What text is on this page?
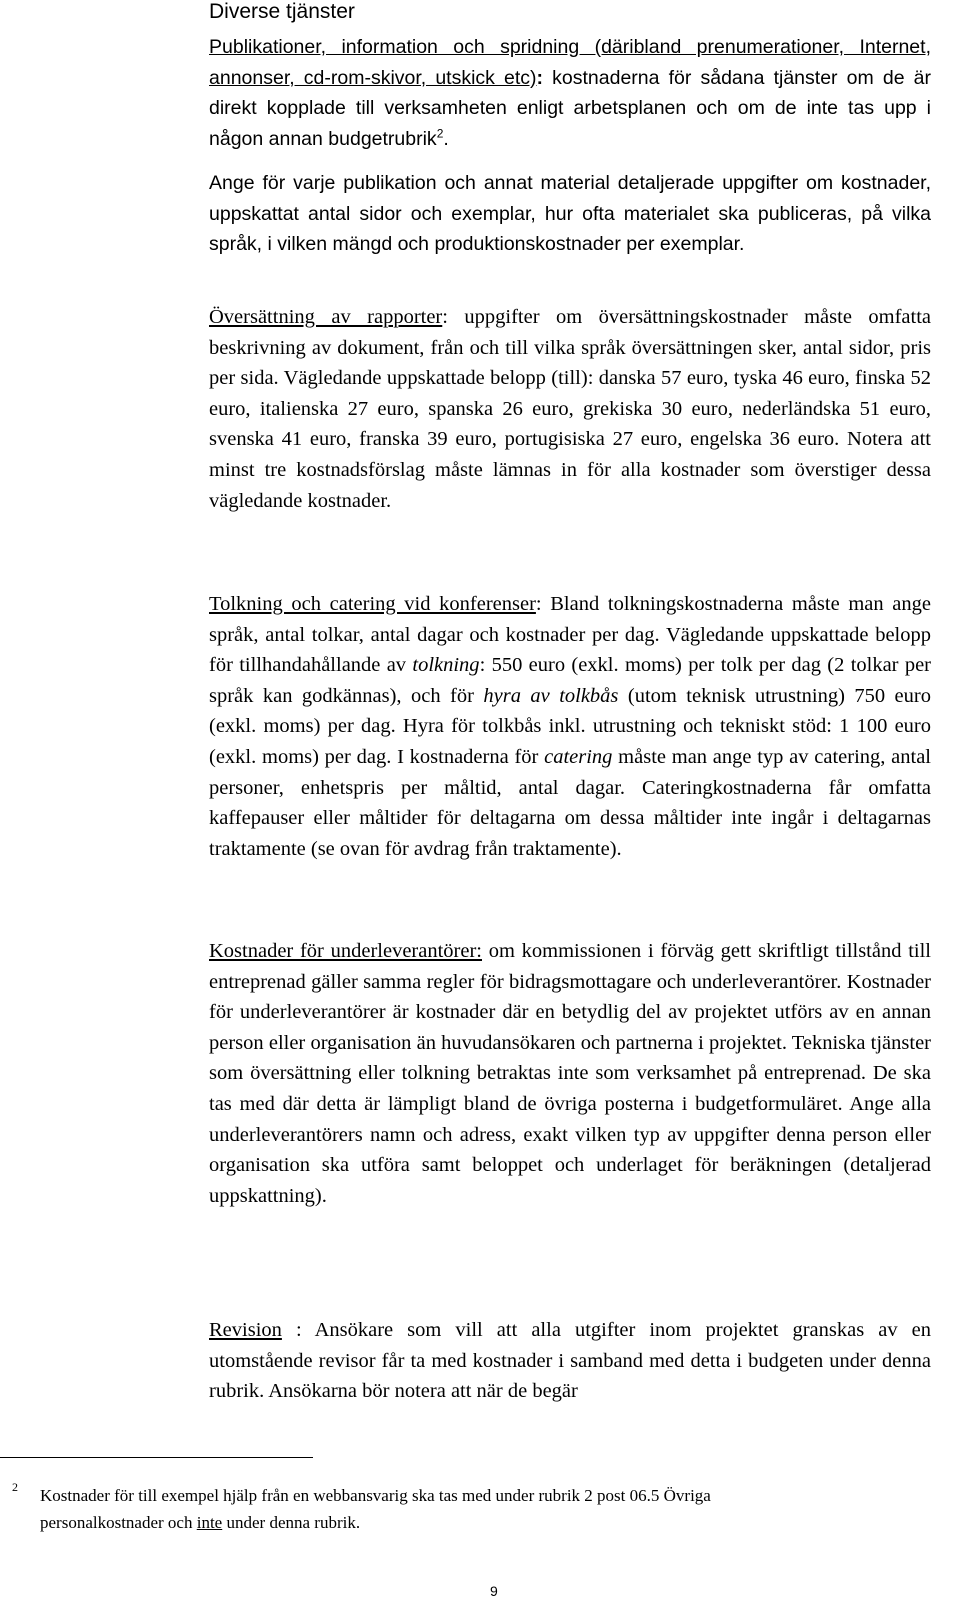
Diverse tjänster

Publikationer, information och spridning (däribland prenumerationer, Internet, annonser, cd-rom-skivor, utskick etc): kostnaderna för sådana tjänster om de är direkt kopplade till verksamheten enligt arbetsplanen och om de inte tas upp i någon annan budgetrubrik$^2$.

Ange för varje publikation och annat material detaljerade uppgifter om kostnader, uppskattat antal sidor och exemplar, hur ofta materialet ska publiceras, på vilka språk, i vilken mängd och produktionskostnader per exemplar.

Översättning av rapporter: uppgifter om översättningskostnader måste omfatta beskrivning av dokument, från och till vilka språk översättningen sker, antal sidor, pris per sida. Vägledande uppskattade belopp (till): danska 57 euro, tyska 46 euro, finska 52 euro, italienska 27 euro, spanska 26 euro, grekiska 30 euro, nederländska 51 euro, svenska 41 euro, franska 39 euro, portugisiska 27 euro, engelska 36 euro. Notera att minst tre kostnadsförslag måste lämnas in för alla kostnader som överstiger dessa vägledande kostnader.

Tolkning och catering vid konferenser: Bland tolkningskostnaderna måste man ange språk, antal tolkar, antal dagar och kostnader per dag. Vägledande uppskattade belopp för tillhandahållande av tolkning: 550 euro (exkl. moms) per tolk per dag (2 tolkar per språk kan godkännas), och för hyra av tolkbås (utom teknisk utrustning) 750 euro (exkl. moms) per dag. Hyra för tolkbås inkl. utrustning och tekniskt stöd: 1 100 euro (exkl. moms) per dag. I kostnaderna för catering måste man ange typ av catering, antal personer, enhetspris per måltid, antal dagar. Cateringkostnaderna får omfatta kaffepauser eller måltider för deltagarna om dessa måltider inte ingår i deltagarnas traktamente (se ovan för avdrag från traktamente).

Kostnader för underleverantörer: om kommissionen i förväg gett skriftligt tillstånd till entreprenad gäller samma regler för bidragsmottagare och underleverantörer. Kostnader för underleverantörer är kostnader där en betydlig del av projektet utförs av en annan person eller organisation än huvudansökaren och partnerna i projektet. Tekniska tjänster som översättning eller tolkning betraktas inte som verksamhet på entreprenad. De ska tas med där detta är lämpligt bland de övriga posterna i budgetformuläret. Ange alla underleverantörers namn och adress, exakt vilken typ av uppgifter denna person eller organisation ska utföra samt beloppet och underlaget för beräkningen (detaljerad uppskattning).

Revision : Ansökare som vill att alla utgifter inom projektet granskas av en utomstående revisor får ta med kostnader i samband med detta i budgeten under denna rubrik. Ansökarna bör notera att när de begär

2	Kostnader för till exempel hjälp från en webbansvarig ska tas med under rubrik 2 post 06.5 Övriga
personalkostnader och inte under denna rubrik.
9
